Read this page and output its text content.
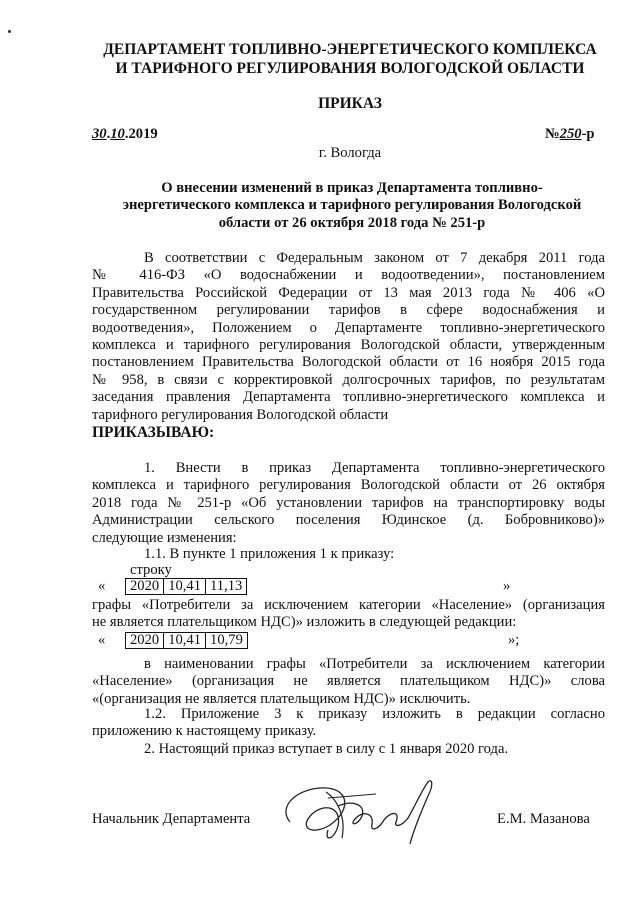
ДЕПАРТАМЕНТ ТОПЛИВНО-ЭНЕРГЕТИЧЕСКОГО КОМПЛЕКСА
И ТАРИФНОГО РЕГУЛИРОВАНИЯ ВОЛОГОДСКОЙ ОБЛАСТИ
ПРИКАЗ
30.10.2019	№250-р
г. Вологда
О внесении изменений в приказ Департамента топливно-
энергетического комплекса и тарифного регулирования Вологодской
области от 26 октября 2018 года № 251-р
В соответствии с Федеральным законом от 7 декабря 2011 года
№ 416-ФЗ «О водоснабжении и водоотведении», постановлением
Правительства Российской Федерации от 13 мая 2013 года № 406 «О
государственном регулировании тарифов в сфере водоснабжения и
водоотведения», Положением о Департаменте топливно-энергетического
комплекса и тарифного регулирования Вологодской области, утвержденным
постановлением Правительства Вологодской области от 16 ноября 2015 года
№ 958, в связи с корректировкой долгосрочных тарифов, по результатам
заседания правления Департамента топливно-энергетического комплекса и
тарифного регулирования Вологодской области
ПРИКАЗЫВАЮ:
1. Внести в приказ Департамента топливно-энергетического
комплекса и тарифного регулирования Вологодской области от 26 октября
2018 года № 251-р «Об установлении тарифов на транспортировку воды
Администрации сельского поселения Юдинское (д. Бобровниково)»
следующие изменения:
1.1. В пункте 1 приложения 1 к приказу:
строку
« 2020	10,41	11,13	»
графы «Потребители за исключением категории «Население» (организация
не является плательщиком НДС)» изложить в следующей редакции:
« 2020	10,41	10,79	»;
в наименовании графы «Потребители за исключением категории
«Население» (организация не является плательщиком НДС)» слова
«(организация не является плательщиком НДС)» исключить.
1.2. Приложение 3 к приказу изложить в редакции согласно
приложению к настоящему приказу.
2. Настоящий приказ вступает в силу с 1 января 2020 года.
Начальник Департамента	Е.М. Мазанова
